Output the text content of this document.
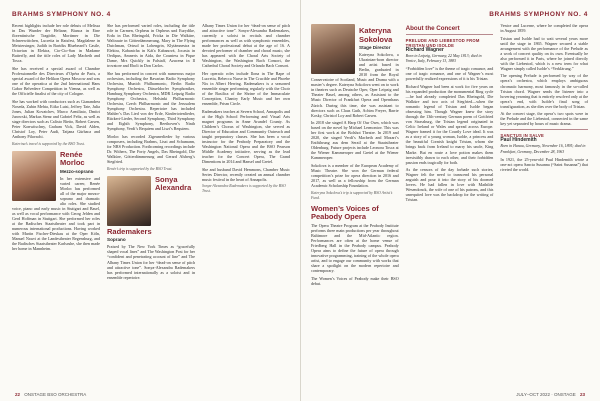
BRAHMS SYMPHONY NO. 4

Recent highlights include her role debuts of Melissa in Das Wunder der Heliane, Bianca in Eine florentinische Tragödie, Mortimer in Die Schneewittchen, Lucretia in Ratsfest, Magdalene in Meistersinger, Judith in Bartóks Bluebeard’s Castle, Octavian in Elektra, Cio-Cio-San in Madame Butterfly, and the title roles of Lady Macbeth and Tosca.

She has received a special award of Chambre Professionnelle des Directeurs d’Opéra de Paris, a special award of the Helikon Opera Moscow and was one of the operatica at the 2nd International Hans Gabor Belvedere Competition in Vienna, as well as the Officielle finalist of the city of Cologne.

She has worked with conductors such as Gianandrea Noseda, Zubin Mehta, Eiiko Luisi, Jeffrey Tate, Julia Jones, Julian Kovatchev, Marco Armiliato, Dmitri Jurowski, Markus Stenz and Gabriel Feltz, as well as stage directors such as Calixto Bieito, Robert Carsen, Peter Konwitschny, Graham Vick, David Alden, Christof Loy, Peter Audi, Tatjana Gürbaca and Anthony Pilavachi.

Katerina’s travel is supported by the BSO Trust.
Renée Morloc
Mezzo-soprano

In her extensive and varied career, Renée Morloc has performed all of the major mezzo-soprano and dramatic alto roles. She studied voice, piano and early music in Stuttgart and Basel, as well as vocal performance with Georg Jelden and Gerd Hoffman in Stuttgart. She performed her roles at the Badisches Staatstheater and took part in numerous international productions. Having worked with Martin Fischer-Dieskau at the Oper Köln, Manuel Nawri at the Landestheater Regensburg, and the Badisches Staatstheater Karlsruhe, she then made her home in Mannheim.

She has performed varied roles, including the title role in Carmen, Orpheus in Orpheus und Eurydike, Erda in Das Rheingold, Fricka in Die Walküre, Waltraute in Götterdämmerung, Mary in The Flying Dutchman, Ortrud in Lohengrin, Klytämnestra in Elektra, Kabanicha in Káťa Kabanová, Jocasta in Oedipus, Amneris in Aida, the Countess in Pique Dame, Mrs Quickly in Falstaff, Azucena in Il trovatore and Eboli in Don Carlos.

She has performed in concert with numerous major orchestras, including the Bavarian Radio Symphony Orchestra, Munich Philharmonic, Berlin Radio Symphony Orchestra, Düsseldorfer Symphoniker, Hamburg Symphony Orchestra, MDR Leipzig Radio Symphony Orchestra, Helsinki Philharmonic Orchestra, Czech Philharmonic and the Jerusalem Symphony Orchestra. Repertoire has included Mahler’s Das Lied von der Erde, Kindertotenlieder, Rückert-Lieder, Second Symphony, Third Symphony and Eighth Symphony, Beethoven’s Ninth Symphony, Verdi’s Requiem and Liszt’s Requiem.

Morloc has recorded Zigeunerlieder by various composers, including Brahms, Liszt and Schumann, for NRS Production. Forthcoming recordings include Dr. Withers, The Forty Angels, Das Rheingold, Die Walküre, Götterdämmerung and Gerard Alsberg’s Siegfried.

Renée’s trip is supported by the BSO Trust.
Sonya Alexandra Rademakers
Soprano

Praised by The New York Times as “gracefully shaped vocal lines” and The Washington Post for her “confident and penetrating account of line” and The Albany Times Union for her “dead-on sense of pitch and attractive tone”. Sonya-Alexandra Rademakers has performed internationally as a soloist and in ensemble repertoire.

Albany Times Union for her “dead-on sense of pitch and attractive tone”. Sonya-Alexandra Rademakers, currently a soloist in recitals and chamber performances as well as with symphonic ensembles, made her professional debut at the age of 16. A devoted performer of chamber and choral music, she has appeared with the Choral Arts Society of Washington, the Washington Bach Consort, the Cathedral Choral Society and Orlando Bach Consort.

Her operatic roles include Ilona in The Rape of Lucretia, Rebecca Nurse in The Crucible and Phoebe Nix in Albert Herring. Rademakers is a seasoned ensemble singer performing regularly with the Choir of the Basilica of the Shrine of the Immaculate Conception, Chantry Early Music and her own ensemble, Prism Circle.

Rademakers teaches at Severn School, Annapolis and at the High School Performing and Visual Arts magnet programs in Anne Arundel County. As Children’s Chorus of Washington, she served as Director of Education and Community Outreach and taught preparatory classes. She has been a vocal instructor for the Peabody Preparatory and the Washington National Opera and the BSO Pearson Middle Academy initiative, serving as the lead teacher for the Concert Opera, The Grand Dimentions in 2014 and Hansel and Gretel.

She and husband David Hemmons, Chamber Music Series Director, recently created an annual chamber music festival in the heart of Annapolis.

Sonya-Alexandra Rademakers is supported by the BSO Trust.
22 ONSTAGE BSO ORCHESTRA
BRAHMS SYMPHONY NO. 4
Kateryna Sokolova
Stage Director

Kateryna Sokolova, a Ukrainian-born director and artist based in Berlin, graduated in 2010 from the Royal Conservatoire of Scotland, Music and Drama with a master’s degree. Kateryna Sokolova went on to work in theatres such as Deutsche Oper, Oper Leipzig and Theater Basel, among others, as Assistant to the Music Director of Frankfurt Opera and Opernhaus Zürich. During this time, she was assistant to directors such as Claus Guth, Achim Freyer, Barrie Kosky, Christof Loy and Robert Carsen.

In 2018 she staged A Harp Of Our Own, which was based on the novel by Michael Lermontov. This was her first work at the Bolshoi Theatre. In 2019 and 2020, she staged Verdi’s Macbeth and Mozart’s Entführung aus dem Serail at the Staatstheater Oldenburg. Future projects include Leonora Tosca at the Wiener Kammeroper and Gretel at the Wiener Kammeroper.

Sokolova is a member of the European Academy of Music Theatre. She won the German federal competition’s prize for opera direction in 2016 and 2017, as well as a fellowship from the German Academic Scholarship Foundation.

Kateryna Sokolova’s trip is supported by BSO Artist’s Fund.
Women’s Voices of Peabody Opera

The Opera Theatre Program at the Peabody Institute performs three main productions per year throughout Baltimore and the Mid-Atlantic region. Performances are often at the home venue of Friedberg Hall in the Peabody campus. Peabody Opera aims to define the future of opera through innovative programming, training of the whole opera artist, and to engage our community with works that share a spotlight on the modern repertoire and contemporary.

The Women’s Voices of Peabody make their BSO debut.

About the Concert
PRELUDE AND LIEBESTOD FROM TRISTAN UND ISOLDE
Richard Wagner
Born in Leipzig, Germany, 22 May 1813; died in Venice, Italy, February 13, 1883

“Forbidden love” is the theme of tragic romance, and one of tragic romance, and one of Wagner’s most powerfully realized expressions of it is his Tristan.

Richard Wagner had been at work for five years on his expanded production the monumental Ring cycle—he had already completed Das Rheingold, Die Walküre and two acts of Siegfried—when the romantic legend of Tristan and Isolde began obsessing him. Though Wagner knew the story through the 13th-century German poem of Gottfried von Strassburg, the Tristan legend originated in Celtic Ireland or Wales and spread across Europe. Wagner framed it for the Courtly Love ideal. It was as a story of a young woman, Isolde, a princess and the beautiful Cornish knight Tristan, whom she brings back from Ireland to marry his uncle, King Marke. But en route a love potion makes them irresistibly drawn to each other, and their forbidden passion ends tragically for both.

As the censors of the day forbade such stories, Wagner felt the need to transcend his personal anguish and pour it into the story of his doomed lovers. He had fallen in love with Mathilde Wesendonck, the wife of one of his patrons, and this unrequited love was the backdrop for the writing of Tristan.

Venice and Lucerne, where he completed the opera in August 1859.

Tristan und Isolde had to wait several years more until the stage in 1865. Wagner secured a stable arrangement with the performance of the Prelude as a work of concert quality on its own. Eventually he also performed it in Paris, where he joined directly with the Liebestod, which is a new term for what Wagner simply called Isolde’s “Verklärung.”

The opening Prelude is performed by way of the opera’s orchestra, which employs ambiguous chromatic harmony, most famously in the so-called Tristan chord. Wagner sends the listener into a hovering yearning that is entirely resolved only at the opera’s end, with Isolde’s final song of transfiguration, as she dies over the body of Tristan.

At the concert stage, the opera’s two spots were in the Prelude and the Liebestod, connected in the same key yet separated by hours of music drama.

SANCTUS IN SALVE
Paul Hindemith
Born in Hanau, Germany, November 16, 1895; died in Frankfurt, Germany, December 28, 1963

In 1921, the 25-year-old Paul Hindemith wrote a one-act opera Sancta Susanna (“Saint Susanna”) that riveted the world.

JULY–OCT 2022 · ONSTAGE 23
